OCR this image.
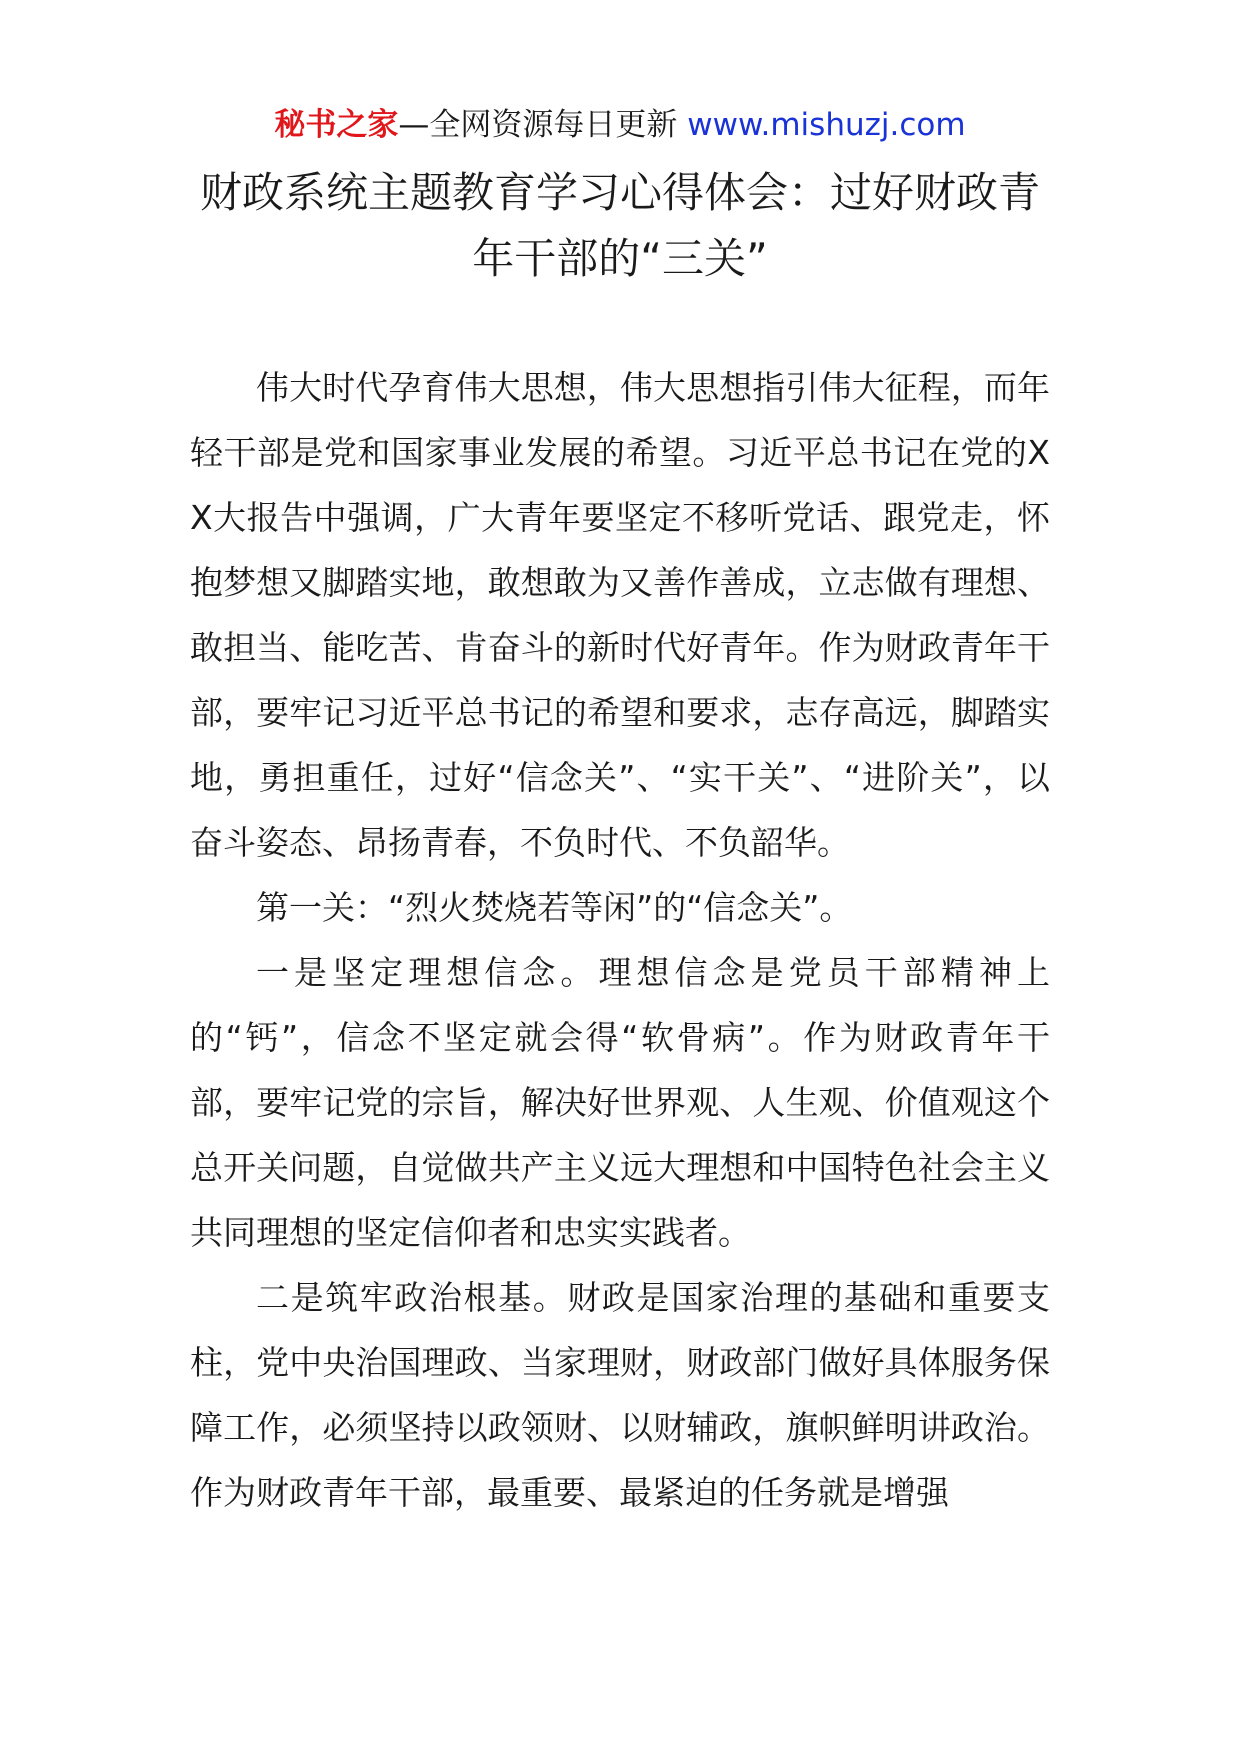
秘书之家—全网资源每日更新 www.mishuzj.com
财政系统主题教育学习心得体会：过好财政青年干部的“三关”

伟大时代孕育伟大思想，伟大思想指引伟大征程，而年轻干部是党和国家事业发展的希望。习近平总书记在党的XX大报告中强调，广大青年要坚定不移听党话、跟党走，怀抱梦想又脚踏实地，敢想敢为又善作善成，立志做有理想、敢担当、能吃苦、肯奋斗的新时代好青年。作为财政青年干部，要牢记习近平总书记的希望和要求，志存高远，脚踏实地，勇担重任，过好“信念关”、“实干关”、“进阶关”，以奋斗姿态、昂扬青春，不负时代、不负韶华。

第一关：“烈火焚烧若等闲”的“信念关”。

一是坚定理想信念。理想信念是党员干部精神上的“钙”，信念不坚定就会得“软骨病”。作为财政青年干部，要牢记党的宗旨，解决好世界观、人生观、价值观这个总开关问题，自觉做共产主义远大理想和中国特色社会主义共同理想的坚定信仰者和忠实实践者。

二是筑牢政治根基。财政是国家治理的基础和重要支柱，党中央治国理政、当家理财，财政部门做好具体服务保障工作，必须坚持以政领财、以财辅政，旗帜鲜明讲政治。作为财政青年干部，最重要、最紧迫的任务就是增强
